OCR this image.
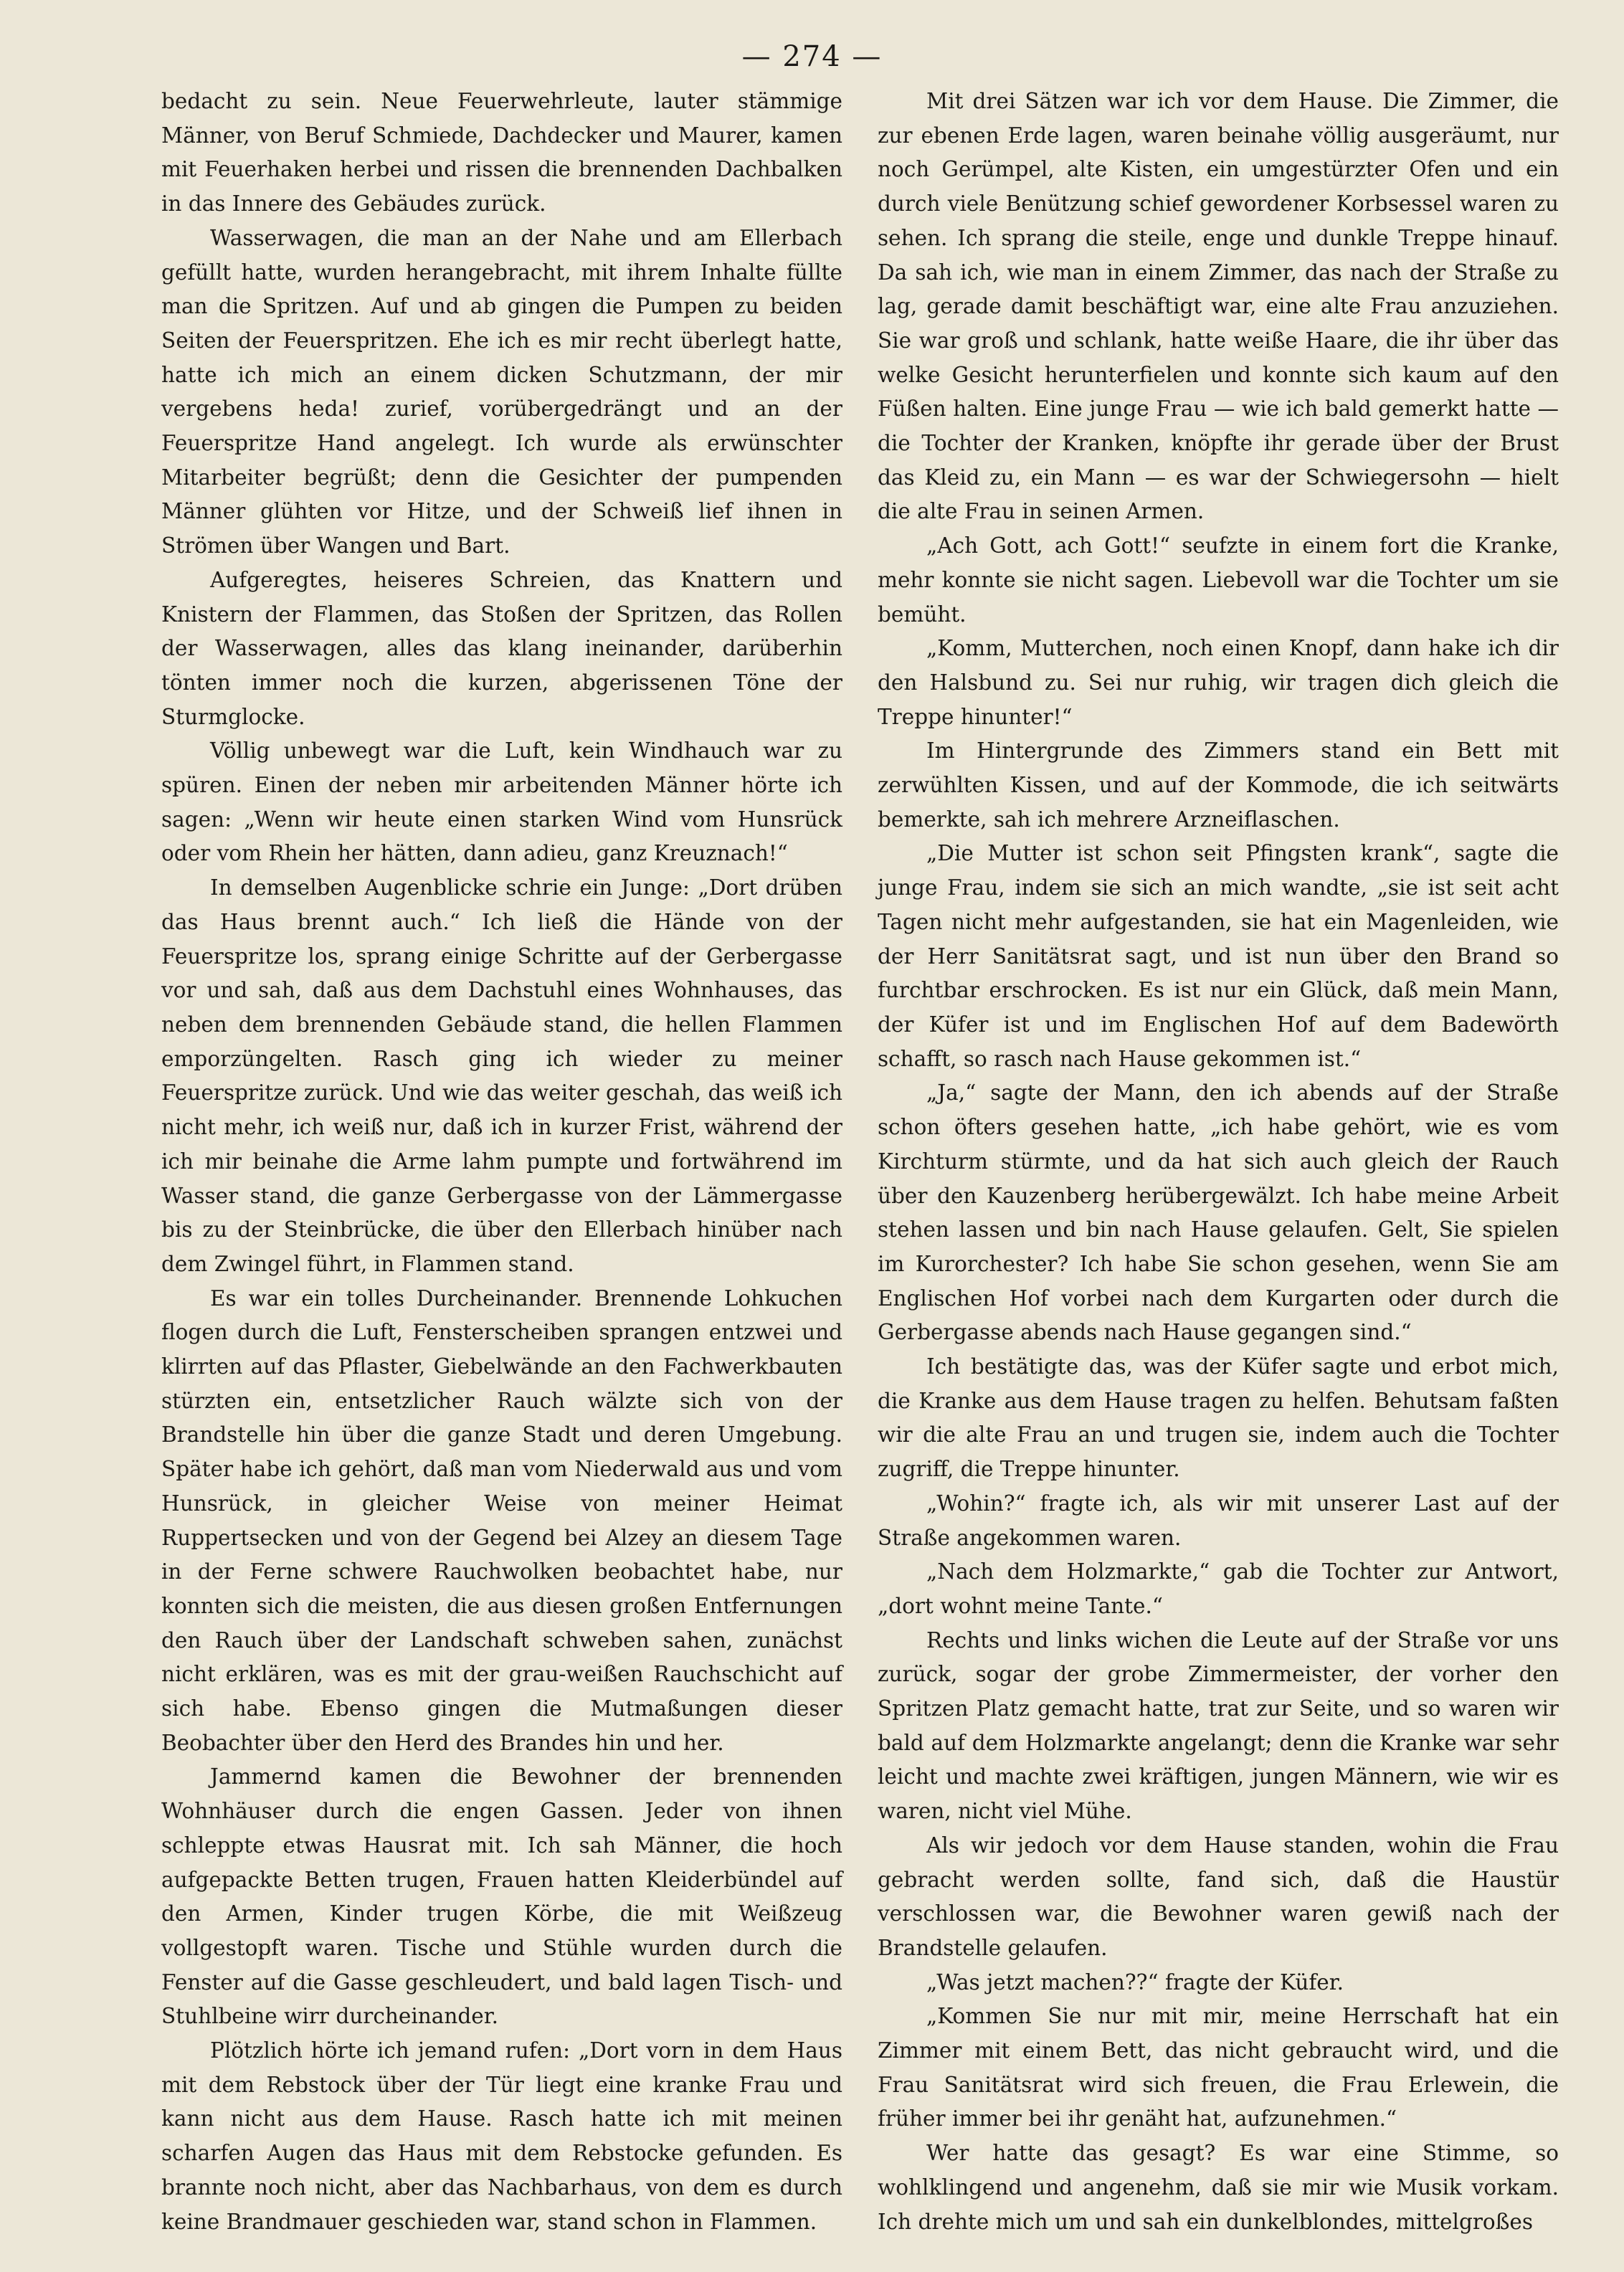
— 274 —

bedacht zu sein. Neue Feuerwehrleute, lauter stämmige Männer, von Beruf Schmiede, Dachdecker und Maurer, kamen mit Feuerhaken herbei und rissen die brennenden Dachbalken in das Innere des Gebäudes zurück.

Wasserwagen, die man an der Nahe und am Ellerbach gefüllt hatte, wurden herangebracht, mit ihrem Inhalte füllte man die Spritzen. Auf und ab gingen die Pumpen zu beiden Seiten der Feuerspritzen. Ehe ich es mir recht überlegt hatte, hatte ich mich an einem dicken Schutzmann, der mir vergebens heda! zurief, vorübergedrängt und an der Feuerspritze Hand angelegt. Ich wurde als erwünschter Mitarbeiter begrüßt; denn die Gesichter der pumpenden Männer glühten vor Hitze, und der Schweiß lief ihnen in Strömen über Wangen und Bart.

Aufgeregtes, heiseres Schreien, das Knattern und Knistern der Flammen, das Stoßen der Spritzen, das Rollen der Wasserwagen, alles das klang ineinander, darüberhin tönten immer noch die kurzen, abgerissenen Töne der Sturmglocke.

Völlig unbewegt war die Luft, kein Windhauch war zu spüren. Einen der neben mir arbeitenden Männer hörte ich sagen: „Wenn wir heute einen starken Wind vom Hunsrück oder vom Rhein her hätten, dann adieu, ganz Kreuznach!“

In demselben Augenblicke schrie ein Junge: „Dort drüben das Haus brennt auch.“ Ich ließ die Hände von der Feuerspritze los, sprang einige Schritte auf der Gerbergasse vor und sah, daß aus dem Dachstuhl eines Wohnhauses, das neben dem brennenden Gebäude stand, die hellen Flammen emporzüngelten. Rasch ging ich wieder zu meiner Feuerspritze zurück. Und wie das weiter geschah, das weiß ich nicht mehr, ich weiß nur, daß ich in kurzer Frist, während der ich mir beinahe die Arme lahm pumpte und fortwährend im Wasser stand, die ganze Gerbergasse von der Lämmergasse bis zu der Steinbrücke, die über den Ellerbach hinüber nach dem Zwingel führt, in Flammen stand.

Es war ein tolles Durcheinander. Brennende Lohkuchen flogen durch die Luft, Fensterscheiben sprangen entzwei und klirrten auf das Pflaster, Giebelwände an den Fachwerkbauten stürzten ein, entsetzlicher Rauch wälzte sich von der Brandstelle hin über die ganze Stadt und deren Umgebung. Später habe ich gehört, daß man vom Niederwald aus und vom Hunsrück, in gleicher Weise von meiner Heimat Ruppertsecken und von der Gegend bei Alzey an diesem Tage in der Ferne schwere Rauchwolken beobachtet habe, nur konnten sich die meisten, die aus diesen großen Entfernungen den Rauch über der Landschaft schweben sahen, zunächst nicht erklären, was es mit der grau-weißen Rauchschicht auf sich habe. Ebenso gingen die Mutmaßungen dieser Beobachter über den Herd des Brandes hin und her.

Jammernd kamen die Bewohner der brennenden Wohnhäuser durch die engen Gassen. Jeder von ihnen schleppte etwas Hausrat mit. Ich sah Männer, die hoch aufgepackte Betten trugen, Frauen hatten Kleiderbündel auf den Armen, Kinder trugen Körbe, die mit Weißzeug vollgestopft waren. Tische und Stühle wurden durch die Fenster auf die Gasse geschleudert, und bald lagen Tisch- und Stuhlbeine wirr durcheinander.

Plötzlich hörte ich jemand rufen: „Dort vorn in dem Haus mit dem Rebstock über der Tür liegt eine kranke Frau und kann nicht aus dem Hause. Rasch hatte ich mit meinen scharfen Augen das Haus mit dem Rebstocke gefunden. Es brannte noch nicht, aber das Nachbarhaus, von dem es durch keine Brandmauer geschieden war, stand schon in Flammen.

Mit drei Sätzen war ich vor dem Hause. Die Zimmer, die zur ebenen Erde lagen, waren beinahe völlig ausgeräumt, nur noch Gerümpel, alte Kisten, ein umgestürzter Ofen und ein durch viele Benützung schief gewordener Korbsessel waren zu sehen. Ich sprang die steile, enge und dunkle Treppe hinauf. Da sah ich, wie man in einem Zimmer, das nach der Straße zu lag, gerade damit beschäftigt war, eine alte Frau anzuziehen. Sie war groß und schlank, hatte weiße Haare, die ihr über das welke Gesicht herunterfielen und konnte sich kaum auf den Füßen halten. Eine junge Frau — wie ich bald gemerkt hatte — die Tochter der Kranken, knöpfte ihr gerade über der Brust das Kleid zu, ein Mann — es war der Schwiegersohn — hielt die alte Frau in seinen Armen.

„Ach Gott, ach Gott!“ seufzte in einem fort die Kranke, mehr konnte sie nicht sagen. Liebevoll war die Tochter um sie bemüht.

„Komm, Mutterchen, noch einen Knopf, dann hake ich dir den Halsbund zu. Sei nur ruhig, wir tragen dich gleich die Treppe hinunter!“

Im Hintergrunde des Zimmers stand ein Bett mit zerwühlten Kissen, und auf der Kommode, die ich seitwärts bemerkte, sah ich mehrere Arzneiflaschen.

„Die Mutter ist schon seit Pfingsten krank“, sagte die junge Frau, indem sie sich an mich wandte, „sie ist seit acht Tagen nicht mehr aufgestanden, sie hat ein Magenleiden, wie der Herr Sanitätsrat sagt, und ist nun über den Brand so furchtbar erschrocken. Es ist nur ein Glück, daß mein Mann, der Küfer ist und im Englischen Hof auf dem Badewörth schafft, so rasch nach Hause gekommen ist.“

„Ja,“ sagte der Mann, den ich abends auf der Straße schon öfters gesehen hatte, „ich habe gehört, wie es vom Kirchturm stürmte, und da hat sich auch gleich der Rauch über den Kauzenberg herübergewälzt. Ich habe meine Arbeit stehen lassen und bin nach Hause gelaufen. Gelt, Sie spielen im Kurorchester? Ich habe Sie schon gesehen, wenn Sie am Englischen Hof vorbei nach dem Kurgarten oder durch die Gerbergasse abends nach Hause gegangen sind.“

Ich bestätigte das, was der Küfer sagte und erbot mich, die Kranke aus dem Hause tragen zu helfen. Behutsam faßten wir die alte Frau an und trugen sie, indem auch die Tochter zugriff, die Treppe hinunter.

„Wohin?“ fragte ich, als wir mit unserer Last auf der Straße angekommen waren.

„Nach dem Holzmarkte,“ gab die Tochter zur Antwort, „dort wohnt meine Tante.“

Rechts und links wichen die Leute auf der Straße vor uns zurück, sogar der grobe Zimmermeister, der vorher den Spritzen Platz gemacht hatte, trat zur Seite, und so waren wir bald auf dem Holzmarkte angelangt; denn die Kranke war sehr leicht und machte zwei kräftigen, jungen Männern, wie wir es waren, nicht viel Mühe.

Als wir jedoch vor dem Hause standen, wohin die Frau gebracht werden sollte, fand sich, daß die Haustür verschlossen war, die Bewohner waren gewiß nach der Brandstelle gelaufen.

„Was jetzt machen??“ fragte der Küfer.

„Kommen Sie nur mit mir, meine Herrschaft hat ein Zimmer mit einem Bett, das nicht gebraucht wird, und die Frau Sanitätsrat wird sich freuen, die Frau Erlewein, die früher immer bei ihr genäht hat, aufzunehmen.“

Wer hatte das gesagt? Es war eine Stimme, so wohlklingend und angenehm, daß sie mir wie Musik vorkam. Ich drehte mich um und sah ein dunkelblondes, mittelgroßes
